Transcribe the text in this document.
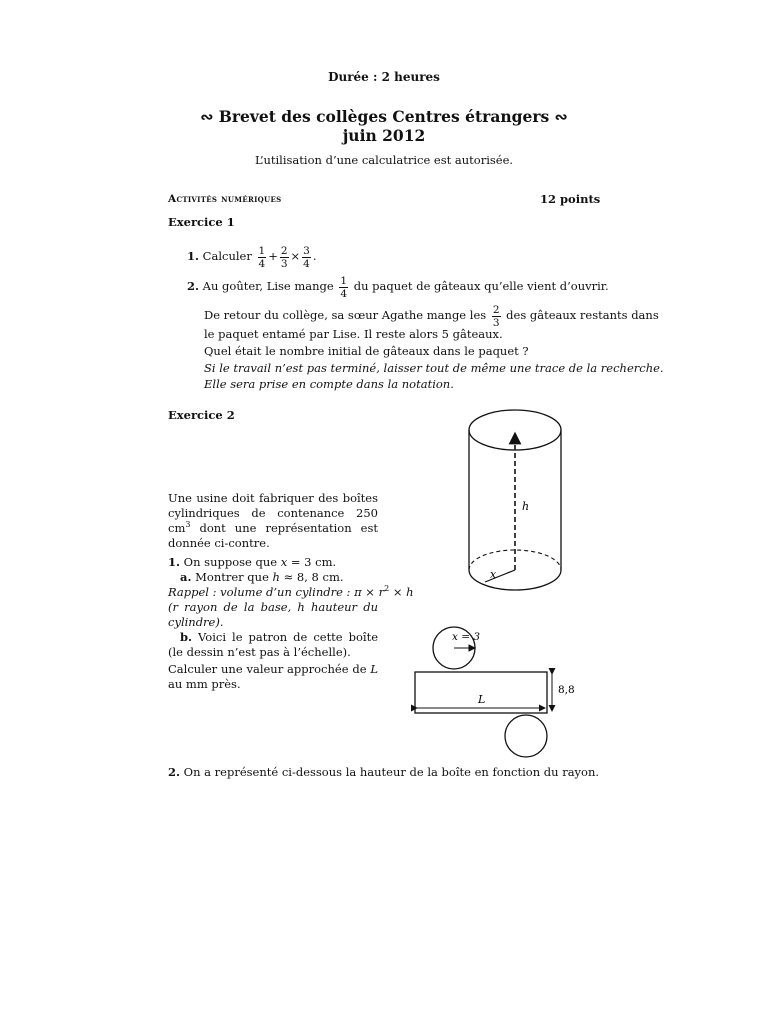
Durée : 2 heures
∾ Brevet des collèges Centres étrangers ∾
juin 2012
L’utilisation d’une calculatrice est autorisée.
Activités numériques	12 points
Exercice 1
1. Calculer $\frac{1}{4} + \frac{2}{3} \times \frac{3}{4}$ .
2. Au goûter, Lise mange $\frac{1}{4}$ du paquet de gâteaux qu’elle vient d’ouvrir.
De retour du collège, sa sœur Agathe mange les $\frac{2}{3}$ des gâteaux restants dans
le paquet entamé par Lise. Il reste alors 5 gâteaux.
Quel était le nombre initial de gâteaux dans le paquet ?
Si le travail n’est pas terminé, laisser tout de même une trace de la recherche.
Elle sera prise en compte dans la notation.
Exercice 2
Une usine doit fabriquer des boîtes cylindriques de contenance 250 $cm^3$ dont une représentation est donnée ci-contre.
1. On suppose que x = 3 cm.
a. Montrer que h ≈ 8, 8 cm.
Rappel : volume d’un cylindre : $\pi \times r^2 \times h$
(r rayon de la base, h hauteur du cylindre).
b. Voici le patron de cette boîte (le dessin n’est pas à l’échelle).
Calculer une valeur approchée de L au mm près.
2. On a représenté ci-dessous la hauteur de la boîte en fonction du rayon.
h
x
x = 3
L
8,8
